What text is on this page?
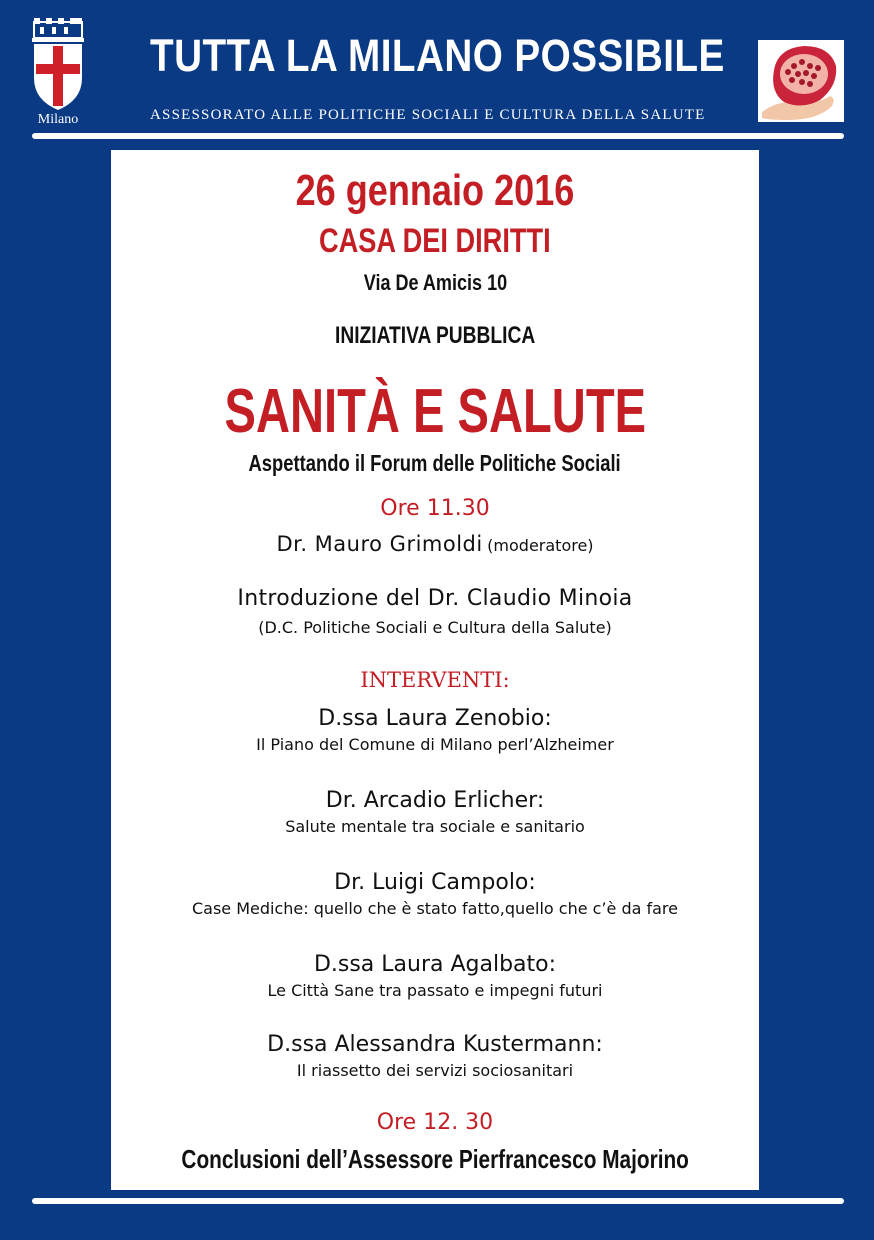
Milano
TUTTA LA MILANO POSSIBILE
ASSESSORATO ALLE POLITICHE SOCIALI E CULTURA DELLA SALUTE
26 gennaio 2016
CASA DEI DIRITTI
Via De Amicis 10
INIZIATIVA PUBBLICA
SANITÀ E SALUTE
Aspettando il Forum delle Politiche Sociali
Ore 11.30
Dr. Mauro Grimoldi (moderatore)
Introduzione del Dr. Claudio Minoia
(D.C. Politiche Sociali e Cultura della Salute)
INTERVENTI:
D.ssa Laura Zenobio:
Il Piano del Comune di Milano perl’Alzheimer
Dr. Arcadio Erlicher:
Salute mentale tra sociale e sanitario
Dr. Luigi Campolo:
Case Mediche: quello che è stato fatto,quello che c’è da fare
D.ssa Laura Agalbato:
Le Città Sane tra passato e impegni futuri
D.ssa Alessandra Kustermann:
Il riassetto dei servizi sociosanitari
Ore 12. 30
Conclusioni dell’Assessore Pierfrancesco Majorino
